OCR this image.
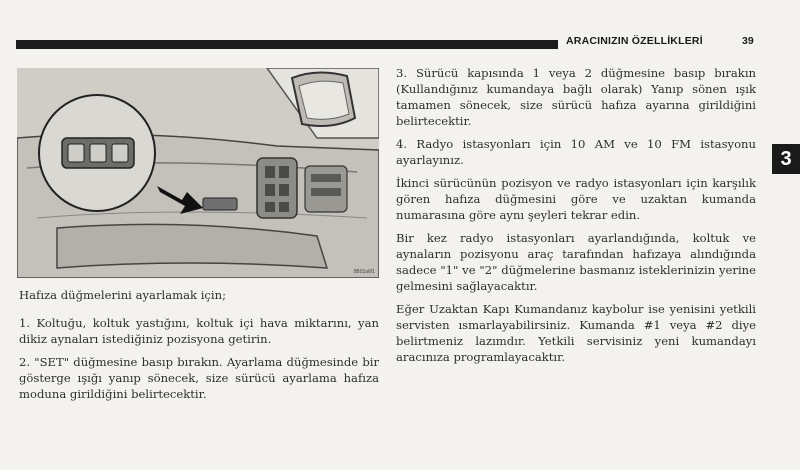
ARACINIZIN ÖZELLİKLERİ	39
3
9B01a6f1

Hafıza düğmelerini ayarlamak için;

1. Koltuğu, koltuk yastığını, koltuk içi hava miktarını, yan dikiz aynaları istediğiniz pozisyona getirin.

2. "SET" düğmesine basıp bırakın. Ayarlama düğmesinde bir gösterge ışığı yanıp sönecek, size sürücü ayarlama hafıza moduna girildiğini belirtecektir.

3. Sürücü kapısında 1 veya 2 düğmesine basıp bırakın (Kullandığınız kumandaya bağlı olarak) Yanıp sönen ışık tamamen sönecek, size sürücü hafıza ayarına girildiğini belirtecektir.

4. Radyo istasyonları için 10 AM ve 10 FM istasyonu ayarlayınız.

İkinci sürücünün pozisyon ve radyo istasyonları için karşılık gören hafıza düğmesini göre ve uzaktan kumanda numarasına göre aynı şeyleri tekrar edin.

Bir kez radyo istasyonları ayarlandığında, koltuk ve aynaların pozisyonu araç tarafından hafızaya alındığında sadece "1" ve "2" düğmelerine basmanız isteklerinizin yerine gelmesini sağlayacaktır.

Eğer Uzaktan Kapı Kumandanız kaybolur ise yenisini yetkili servisten ısmarlayabilirsiniz. Kumanda #1 veya #2 diye belirtmeniz lazımdır. Yetkili servisiniz yeni kumandayı aracınıza programlayacaktır.
